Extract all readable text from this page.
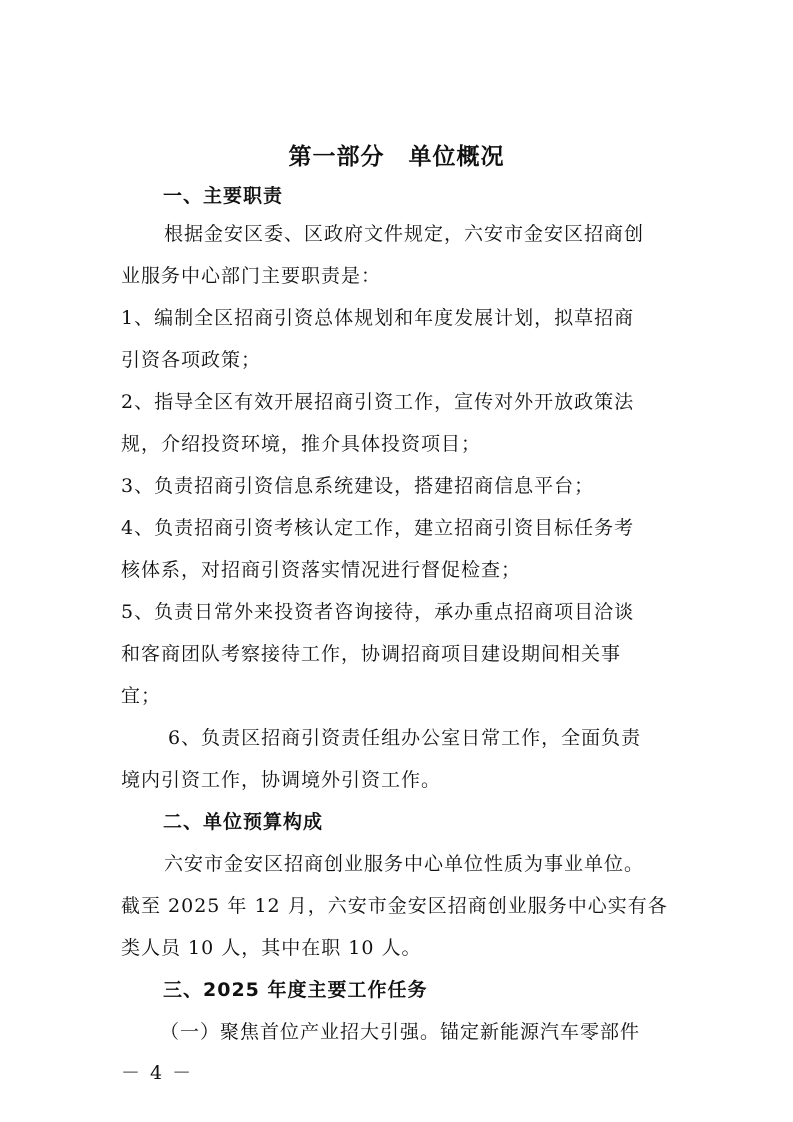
第一部分　单位概况
一、主要职责
根据金安区委、区政府文件规定，六安市金安区招商创
业服务中心部门主要职责是：
1、编制全区招商引资总体规划和年度发展计划，拟草招商
引资各项政策；
2、指导全区有效开展招商引资工作，宣传对外开放政策法
规，介绍投资环境，推介具体投资项目；
3、负责招商引资信息系统建设，搭建招商信息平台；
4、负责招商引资考核认定工作，建立招商引资目标任务考
核体系，对招商引资落实情况进行督促检查；
5、负责日常外来投资者咨询接待，承办重点招商项目洽谈
和客商团队考察接待工作，协调招商项目建设期间相关事
宜；
6、负责区招商引资责任组办公室日常工作，全面负责
境内引资工作，协调境外引资工作。
二、单位预算构成
六安市金安区招商创业服务中心单位性质为事业单位。
截至 2025 年 12 月，六安市金安区招商创业服务中心实有各
类人员 10 人，其中在职 10 人。
三、2025 年度主要工作任务
（一）聚焦首位产业招大引强。锚定新能源汽车零部件
－ 4 －
